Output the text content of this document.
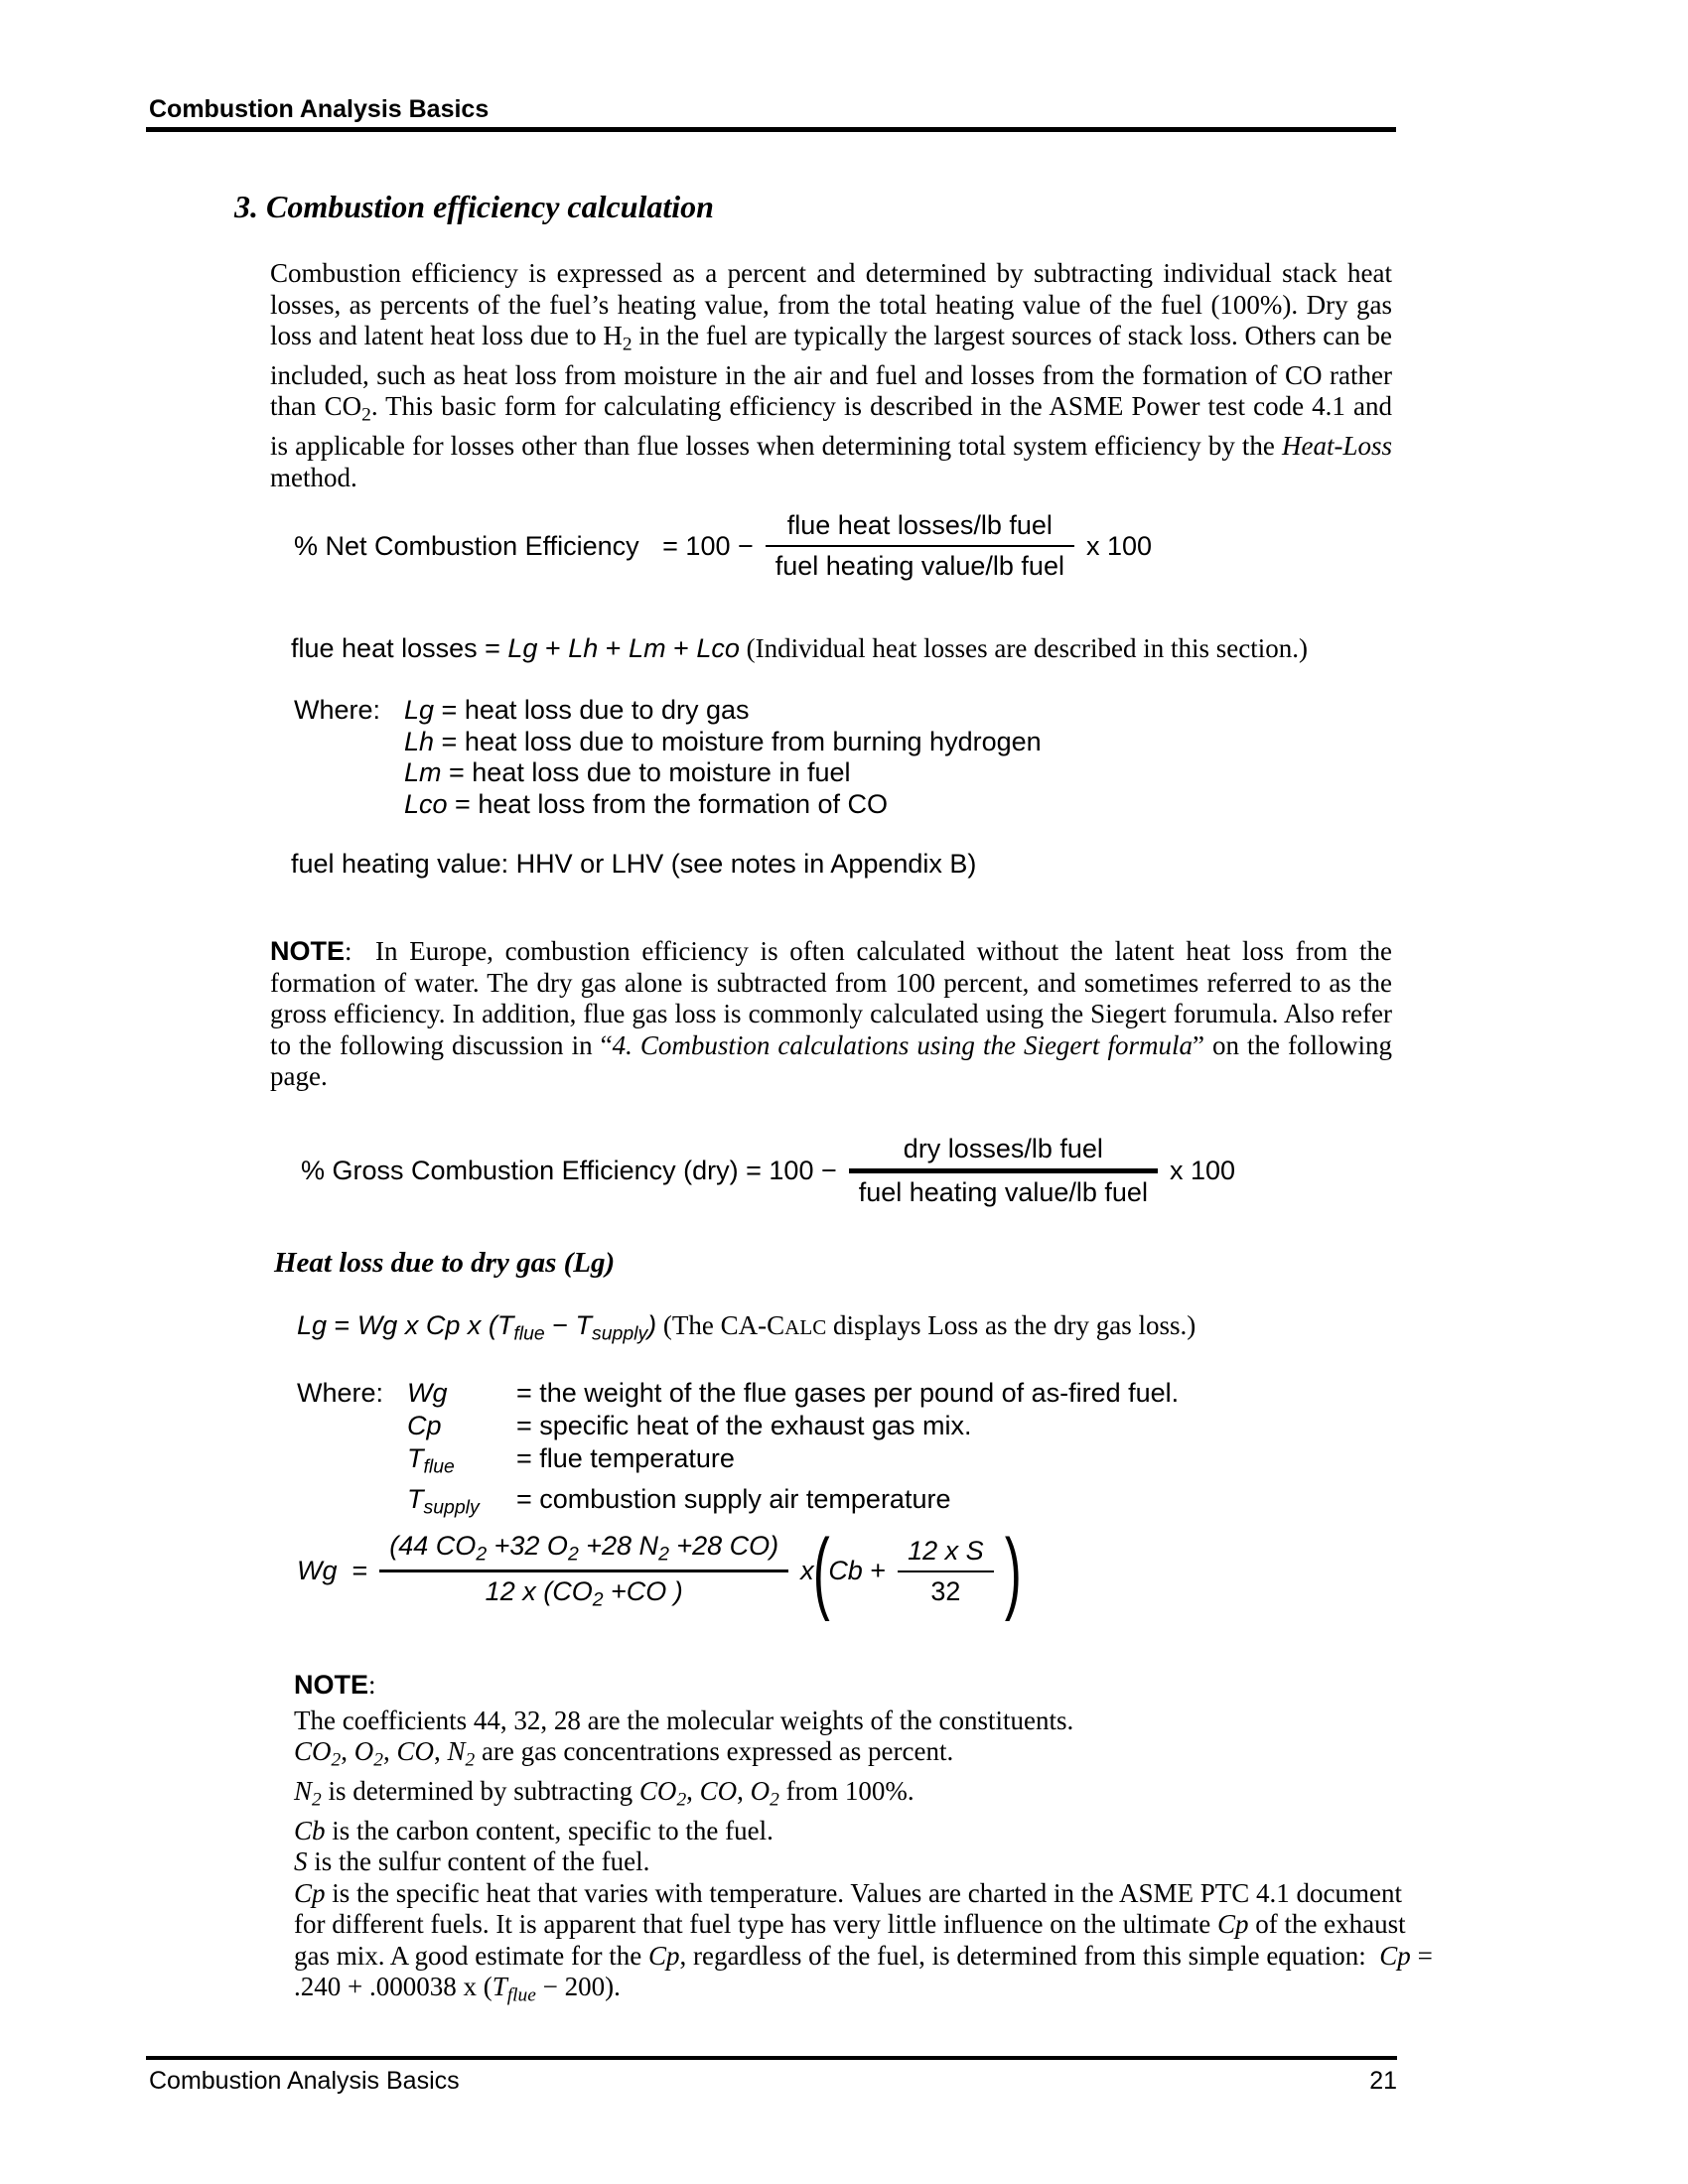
Combustion Analysis Basics
3. Combustion efficiency calculation
Combustion efficiency is expressed as a percent and determined by subtracting individual stack heat losses, as percents of the fuel’s heating value, from the total heating value of the fuel (100%). Dry gas loss and latent heat loss due to $H_2$ in the fuel are typically the largest sources of stack loss. Others can be included, such as heat loss from moisture in the air and fuel and losses from the formation of CO rather than $CO_2$. This basic form for calculating efficiency is described in the ASME Power test code 4.1 and is applicable for losses other than flue losses when determining total system efficiency by the Heat-Loss method.
% Net Combustion Efficiency = $100 - \frac{\text{flue heat losses/lb fuel}}{\text{fuel heating value/lb fuel}}$ x 100
flue heat losses = Lg + Lh + Lm + Lco (Individual heat losses are described in this section.)
Where: Lg = heat loss due to dry gas
Lh = heat loss due to moisture from burning hydrogen
Lm = heat loss due to moisture in fuel
Lco = heat loss from the formation of CO
fuel heating value: HHV or LHV (see notes in Appendix B)
NOTE:  In Europe, combustion efficiency is often calculated without the latent heat loss from the formation of water. The dry gas alone is subtracted from 100 percent, and sometimes referred to as the gross efficiency. In addition, flue gas loss is commonly calculated using the Siegert forumula. Also refer to the following discussion in “4. Combustion calculations using the Siegert formula” on the following page.
% Gross Combustion Efficiency $(dry) = 100 - \frac{\text{dry losses/lb fuel}}{\text{fuel heating value/lb fuel}}$ x 100
Heat loss due to dry gas (Lg)
Lg = Wg x Cp x $(T_{flue} - T_{supply})$ (The CA-CALC displays Loss as the dry gas loss.)
Where: Wg	= the weight of the flue gases per pound of as-fired fuel.
Cp	= specific heat of the exhaust gas mix.
$T_{flue}$	= flue temperature
$T_{supply}$	= combustion supply air temperature
$Wg = \frac{(44 CO_2 +32 O_2 +28 N_2 +28 CO)}{12 x (CO_2 +CO )}$ x
(
$Cb + \frac{\text{12 x S}}{32}$ )
NOTE:
The coefficients 44, 32, 28 are the molecular weights of the constituents.
$CO_2$, $O_2$, CO, $N_2$ are gas concentrations expressed as percent.
$N_2$ is determined by subtracting $CO_2$, CO, $O_2$ from 100%.
Cb is the carbon content, specific to the fuel.
S is the sulfur content of the fuel.
Cp is the specific heat that varies with temperature. Values are charted in the ASME PTC 4.1 document for different fuels. It is apparent that fuel type has very little influence on the ultimate Cp of the exhaust gas mix. A good estimate for the Cp, regardless of the fuel, is determined from this simple equation:  Cp = .240 + .000038 x $(T_{flue} - 200)$.
Combustion Analysis Basics	21
